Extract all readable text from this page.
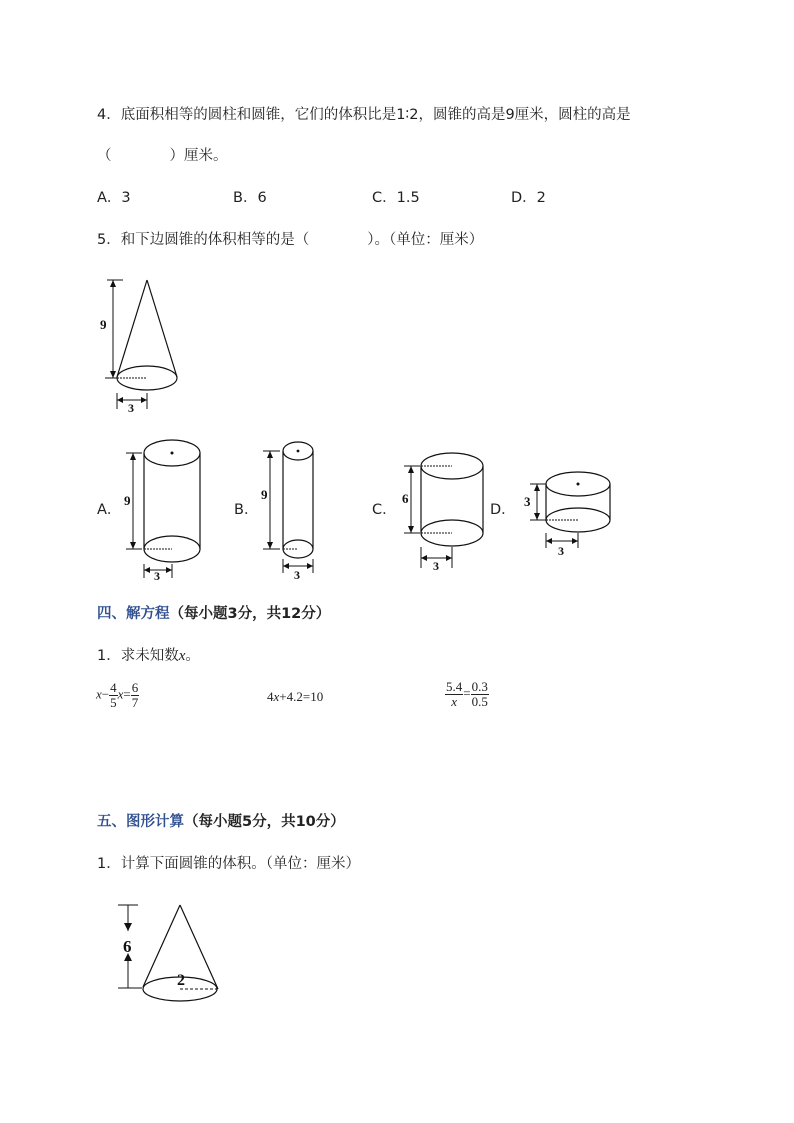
4．底面积相等的圆柱和圆锥，它们的体积比是1∶2，圆锥的高是9厘米，圆柱的高是
（　　　　）厘米。
A．3	B．6	C．1.5	D．2
5．和下边圆锥的体积相等的是（　　　　）。（单位：厘米）
9
3
A．
9
3
B．
9
3
C．
6
3
D．
3
3
四、解方程（每小题3分，共12分）
1．求未知数x。
$x- \frac{4}{5} x= \frac{6}{7}$	4x+4.2=10	$\frac{5.4}{x} = \frac{0.3}{0.5}$
五、图形计算（每小题5分，共10分）
1．计算下面圆锥的体积。（单位：厘米）
6
2
